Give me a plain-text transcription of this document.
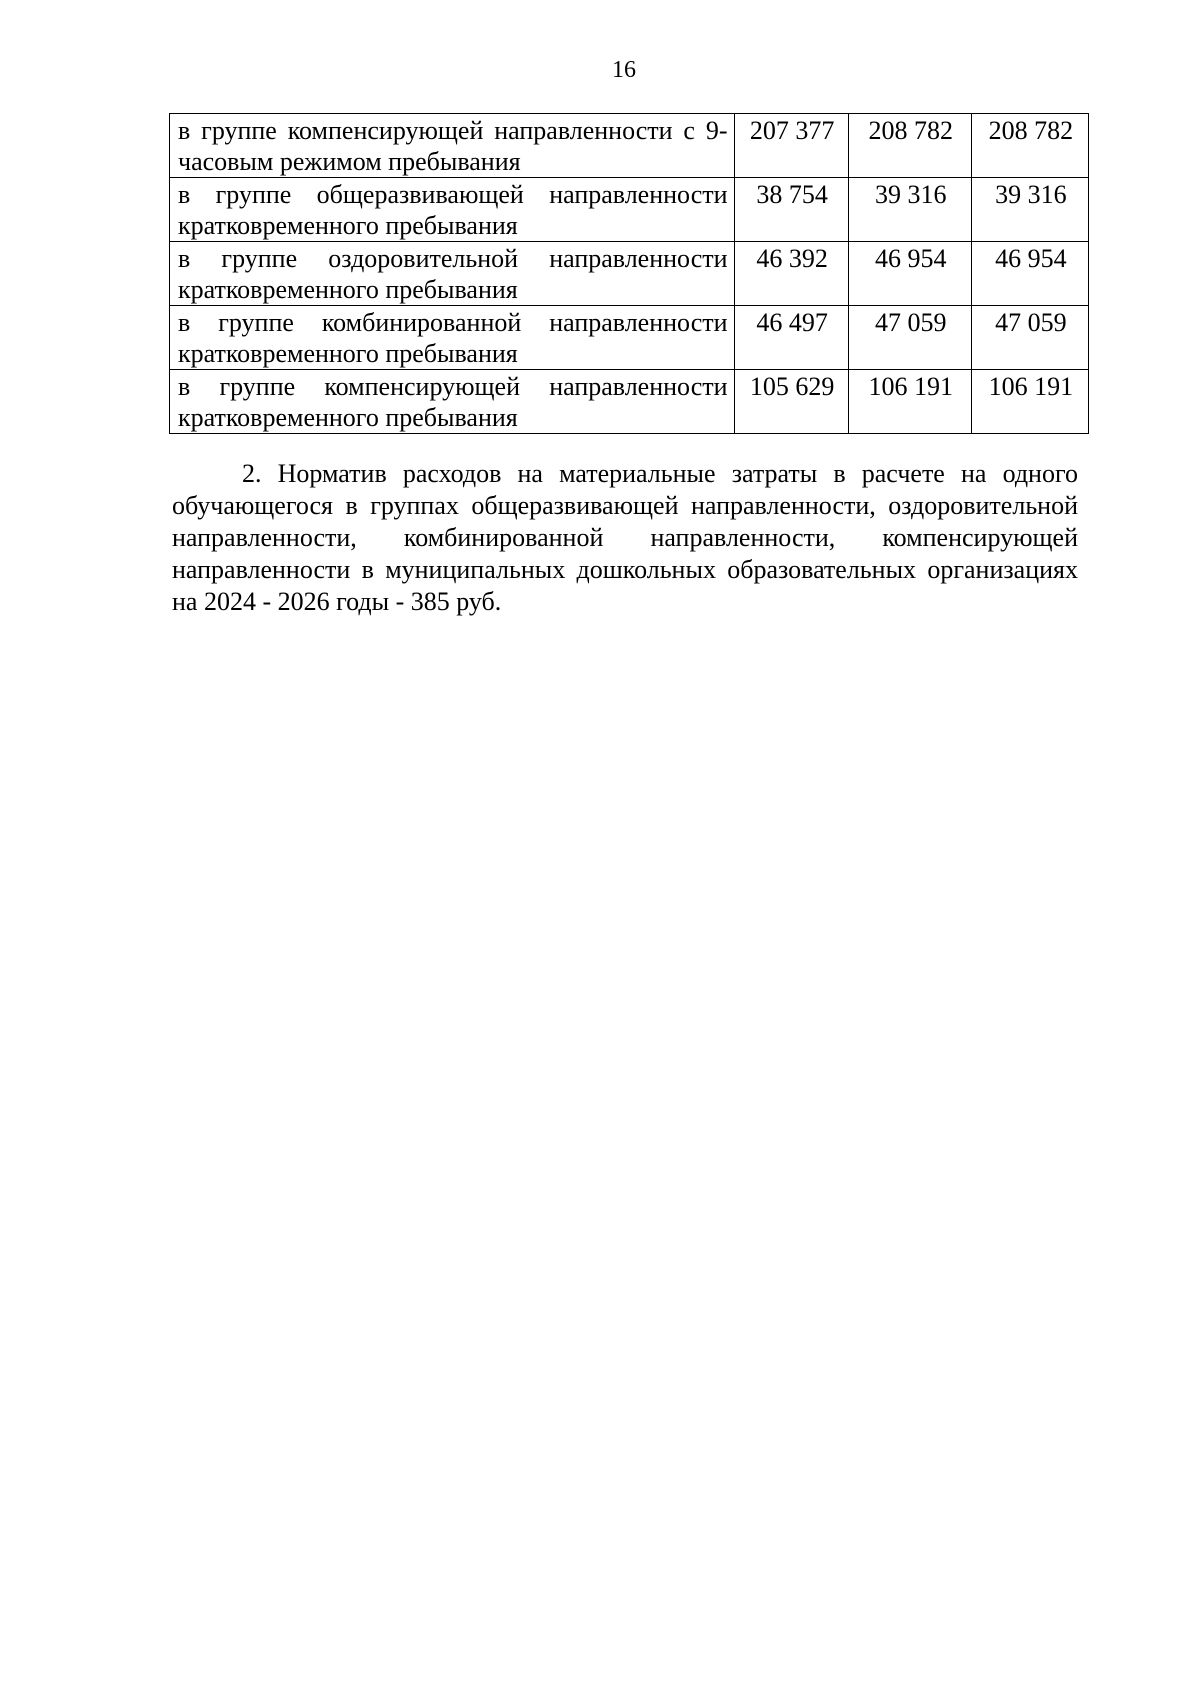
16
в группе компенсирующей направленности с 9-часовым режимом пребывания	207 377	208 782	208 782
в группе общеразвивающей направленности кратковременного пребывания	38 754	39 316	39 316
в группе оздоровительной направленности кратковременного пребывания	46 392	46 954	46 954
в группе комбинированной направленности кратковременного пребывания	46 497	47 059	47 059
в группе компенсирующей направленности кратковременного пребывания	105 629	106 191	106 191

2. Норматив расходов на материальные затраты в расчете на одного обучающегося в группах общеразвивающей направленности, оздоровительной направленности, комбинированной направленности, компенсирующей направленности в муниципальных дошкольных образовательных организациях на 2024 - 2026 годы - 385 руб.
